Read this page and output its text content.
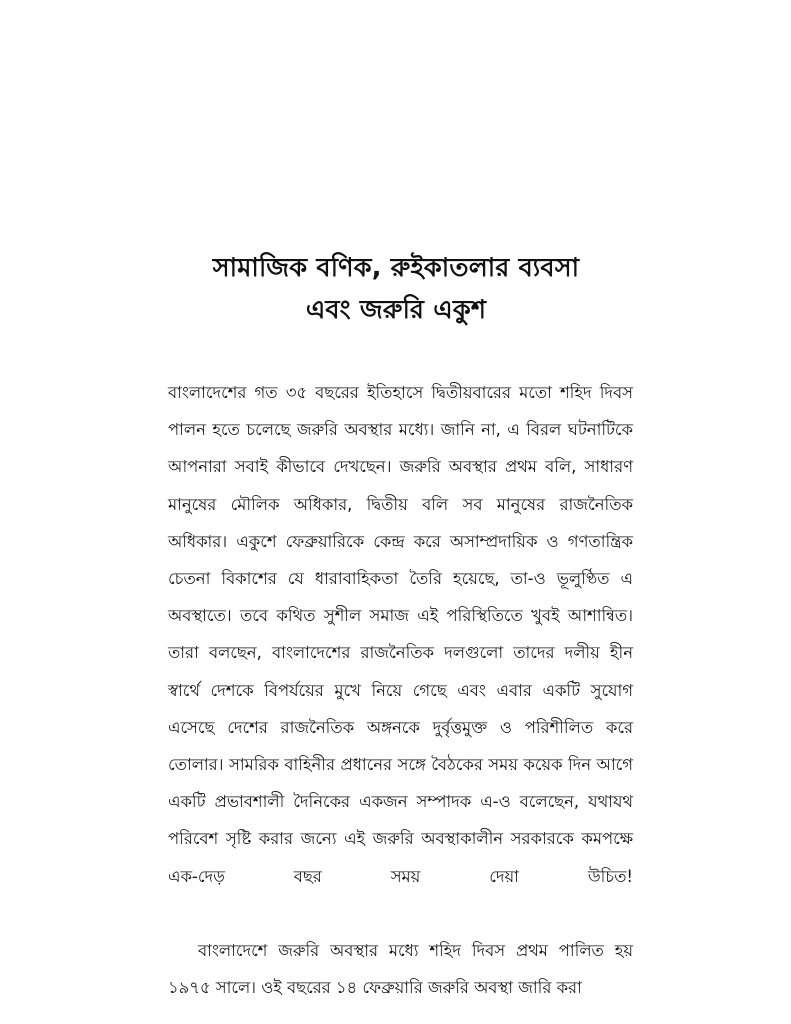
সামাজিক বণিক, রুইকাতলার ব্যবসা
এবং জরুরি একুশ

বাংলাদেশের গত ৩৫ বছরের ইতিহাসে দ্বিতীয়বারের মতো শহিদ দিবস পালন হতে চলেছে জরুরি অবস্থার মধ্যে। জানি না, এ বিরল ঘটনাটিকে আপনারা সবাই কীভাবে দেখছেন। জরুরি অবস্থার প্রথম বলি, সাধারণ মানুষের মৌলিক অধিকার, দ্বিতীয় বলি সব মানুষের রাজনৈতিক অধিকার। একুশে ফেব্রুয়ারিকে কেন্দ্র করে অসাম্প্রদায়িক ও গণতান্ত্রিক চেতনা বিকাশের যে ধারাবাহিকতা তৈরি হয়েছে, তা-ও ভূলুণ্ঠিত এ অবস্থাতে। তবে কথিত সুশীল সমাজ এই পরিস্থিতিতে খুবই আশান্বিত। তারা বলছেন, বাংলাদেশের রাজনৈতিক দলগুলো তাদের দলীয় হীন স্বার্থে দেশকে বিপর্যয়ের মুখে নিয়ে গেছে এবং এবার একটি সুযোগ এসেছে দেশের রাজনৈতিক অঙ্গনকে দুর্বৃত্তমুক্ত ও পরিশীলিত করে তোলার। সামরিক বাহিনীর প্রধানের সঙ্গে বৈঠকের সময় কয়েক দিন আগে একটি প্রভাবশালী দৈনিকের একজন সম্পাদক এ-ও বলেছেন, যথাযথ পরিবেশ সৃষ্টি করার জন্যে এই জরুরি অবস্থাকালীন সরকারকে কমপক্ষে এক-দেড় বছর সময় দেয়া উচিত!

বাংলাদেশে জরুরি অবস্থার মধ্যে শহিদ দিবস প্রথম পালিত হয় ১৯৭৫ সালে। ওই বছরের ১৪ ফেব্রুয়ারি জরুরি অবস্থা জারি করা
